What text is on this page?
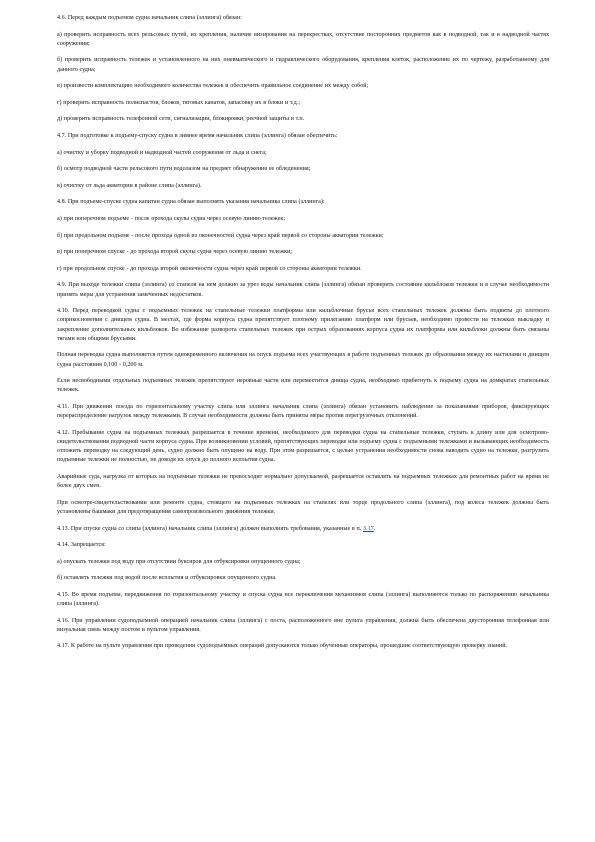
4.6. Перед каждым подъемом судна начальник слипа (эллинга) обязан:

а) проверить исправность всех рельсовых путей, их крепления, наличие визирования на перекрестках, отсутствие посторонних предметов как в подводной, так и в надводной частях сооружения;

б) проверить исправность тележек и установленного на них пневматического и гидравлического оборудования, крепления клеток, расположение их по чертежу, разработанному для данного судна;

в) произвести комплектацию необходимого количества тележек и обеспечить правильное соединение их между собой;

г) проверить исправность полиспастов, блоков, тяговых канатов, запасовку их в блоки и т.д.;

д) проверить исправность телефонной сети, сигнализации, блокировки, реечной защиты и т.п.

4.7. При подготовке к подъему-спуску судна в зимнее время начальник слипа (эллинга) обязан обеспечить:

а) очистку и уборку подводной и надводной частей сооружения от льда и снега;

б) осмотр подводной части рельсового пути водолазом на предмет обнаружения ее обледенения;

в) очистку от льда акватории в районе слипа (эллинга).

4.8. При подъеме-спуске судна капитан судна обязан выполнять указания начальника слипа (эллинга):

а) при поперечном подъеме - после прохода скулы судна через осевую линию тележек;

б) при продольном подъеме - после прохода одной из оконечностей судна через край первой со стороны акватории тележки;

в) при поперечном спуске - до прохода второй скулы судна через осевую линию тележки;

г) при продольном спуске - до прохода второй оконечности судна через край первой со стороны акватории тележки.

4.9. При выходе тележки слипа (эллинга) со стапеля на нем должно за урез воды начальник слипа (эллинга) обязан проверить состояние кильблоков тележки и в случае необходимости принять меры для устранения замеченных недостатков.

4.10. Перед переводкой судна с подъемных тележек на стапельные тележки платформы или кильблочные брусья всех стапельных тележек должны быть подвиты до плотного соприкосновения с днищем судна. В местах, где форма корпуса судна препятствует плотному прилеганию платформ или брусьев, необходимо провести на тележках выкладку и закрепление дополнительных кильблоков. Во избежание разворота стапельных тележек при острых образованиях корпуса судна их платформы или кильблоки должны быть связаны тягами или общими брусьями.

Полная переводка судна выполняется путем одновременного включения на опуск подъема всех участвующих в работе подъемных тележек до образования между их настилами и днищем судна расстояния 0,100 - 0,200 м.

Если несвободными отдельных подъемных тележек препятствуют неровные части или переместится днища судна, необходимо прибегнуть к подъему судна на домкратах стапельных тележек.

4.11. При движении поезда по горизонтальному участку слипа или эллинга начальник слипа (эллинга) обязан установить наблюдение за показаниями приборов, фиксирующих перераспределение нагрузок между тележками. В случае необходимости должны быть приняты меры против перегрузочных отклонений.

4.12. Пребывание судна на подъемных тележках разрешается в течение времени, необходимого для переводки судна на стапельные тележки, ступать к длину или для осмотрово-свидетельствования подводной части корпуса судна. При возникновении условий, препятствующих переводке или подъему судна с подъемными тележками и вызывающих необходимость отложить переводку на следующий день, судно должно быть опущено на воду. При этом разрешается, с целью устранения необходимости снова наводить судно на тележки, разгрузить подъемные тележки не полностью, не доводя их опуск до полного всплытия судна.

Аварийные суда, нагрузка от которых на подъемные тележки не превосходит нормально допускаемой, разрешается оставлять на подъемных тележках для ремонтных работ на время не более двух смен.

При осмотре-свидетельствовании или ремонте судна, стоящего на подъемных тележках на стапелях или торце продольного слипа (эллинга), под колеса тележек должны быть установлены башмаки для предотвращения самопроизвольного движения тележки.

4.13. При спуске судна со слипа (эллинга) начальник слипа (эллинга) должен выполнять требования, указанные в п. 3.17.

4.14. Запрещается:

а) опускать тележки под воду при отсутствии буксиров для отбуксировки опущенного судна;

б) оставлять тележки под водой после всплытия и отбуксировки опущенного судна.

4.15. Во время подъема, передвижения по горизонтальному участку и спуска судна все переключения механизмов слипа (эллинга) выполняются только по распоряжению начальника слипа (эллинга).

4.16. При управлении судоподъемной операцией начальник слипа (эллинга) с поста, расположенного вне пульта управления, должна быть обеспечена двусторонняя телефонная или визуальная связь между постом и пультом управления.

4.17. К работе на пульте управления при проведении судоподъемных операций допускаются только обученные операторы, прошедшие соответствующую проверку знаний.
